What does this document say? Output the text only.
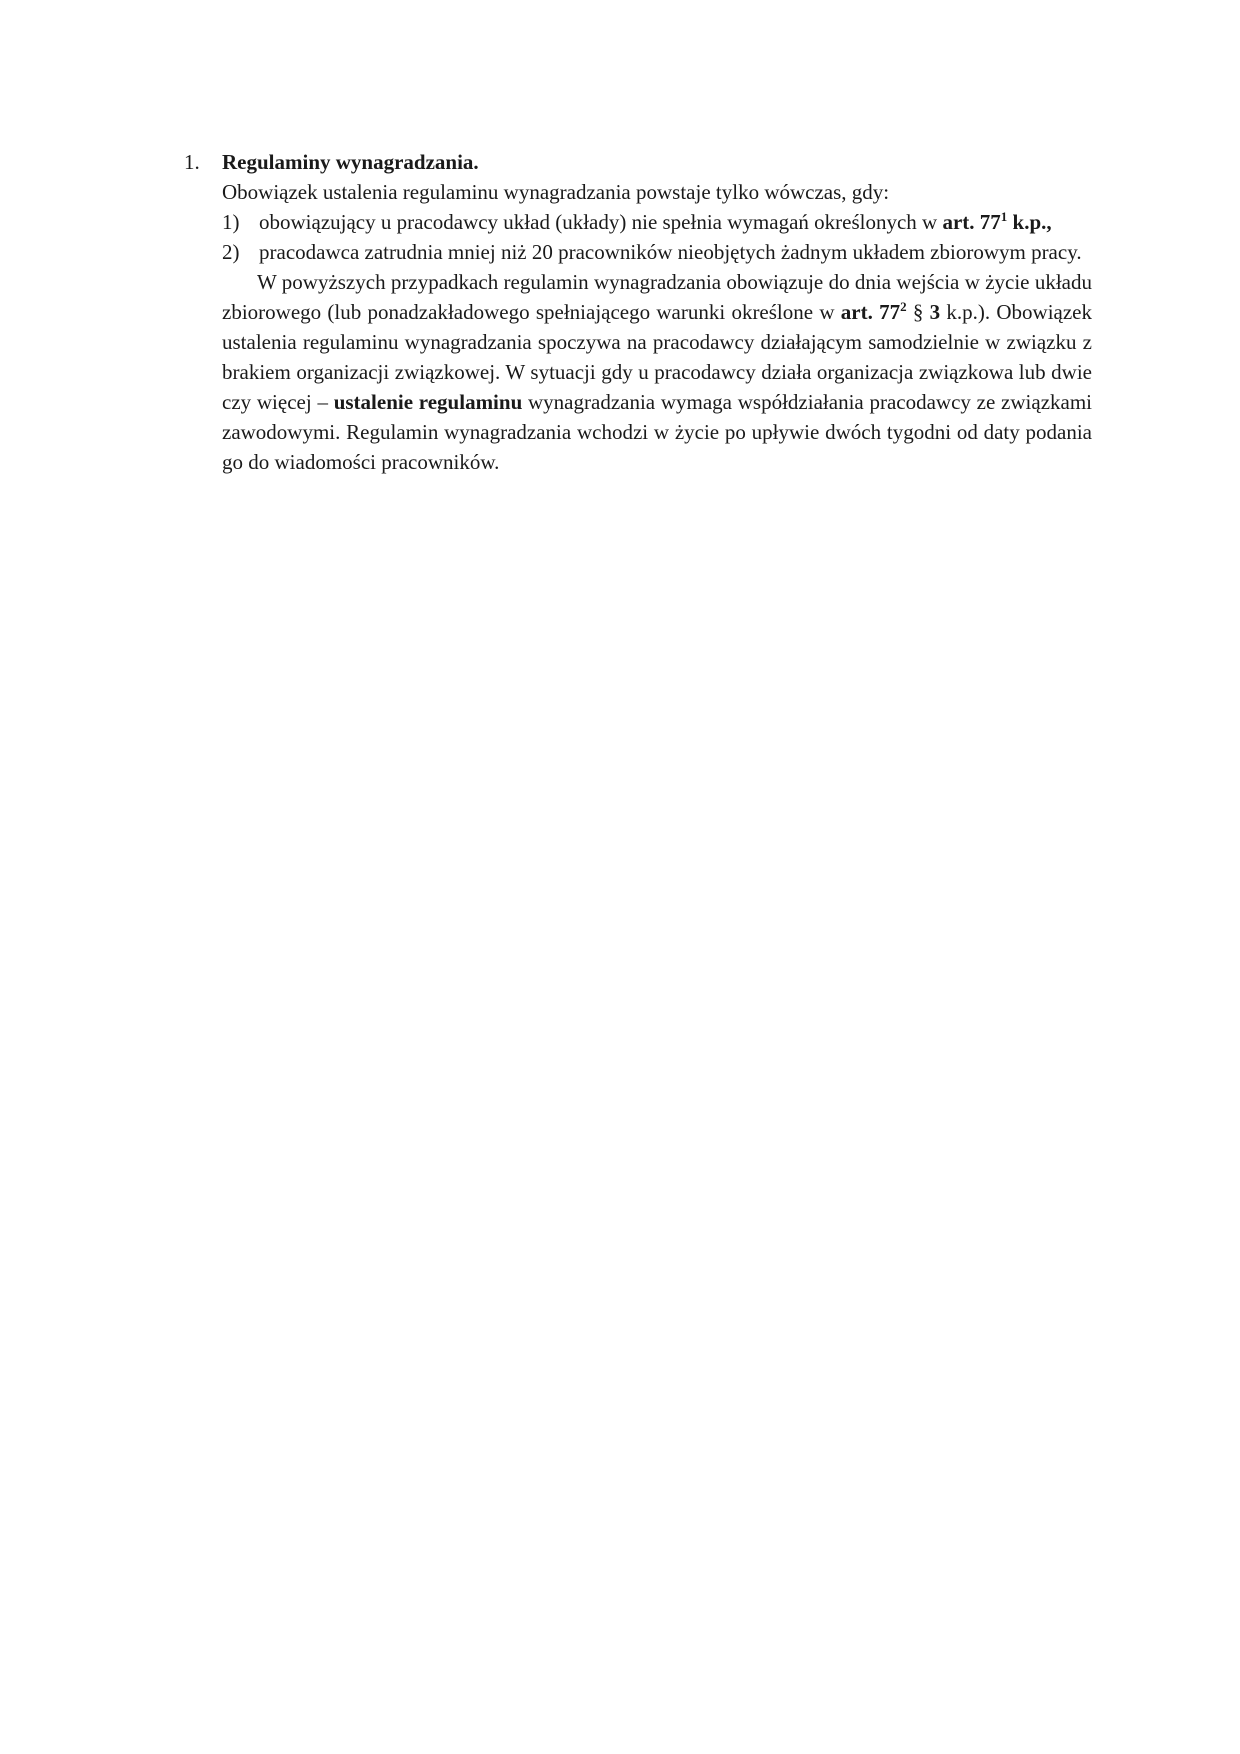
1. Regulaminy wynagradzania.

Obowiązek ustalenia regulaminu wynagradzania powstaje tylko wówczas, gdy:

1) obowiązujący u pracodawcy układ (układy) nie spełnia wymagań określonych w art. $77^1$ k.p.,
2) pracodawca zatrudnia mniej niż 20 pracowników nieobjętych żadnym układem zbiorowym pracy.

W powyższych przypadkach regulamin wynagradzania obowiązuje do dnia wejścia w życie układu zbiorowego (lub ponadzakładowego spełniającego warunki określone w art. $77^2$ § 3 k.p.). Obowiązek ustalenia regulaminu wynagradzania spoczywa na pracodawcy działającym samodzielnie w związku z brakiem organizacji związkowej. W sytuacji gdy u pracodawcy działa organizacja związkowa lub dwie czy więcej – ustalenie regulaminu wynagradzania wymaga współdziałania pracodawcy ze związkami zawodowymi. Regulamin wynagradzania wchodzi w życie po upływie dwóch tygodni od daty podania go do wiadomości pracowników.
